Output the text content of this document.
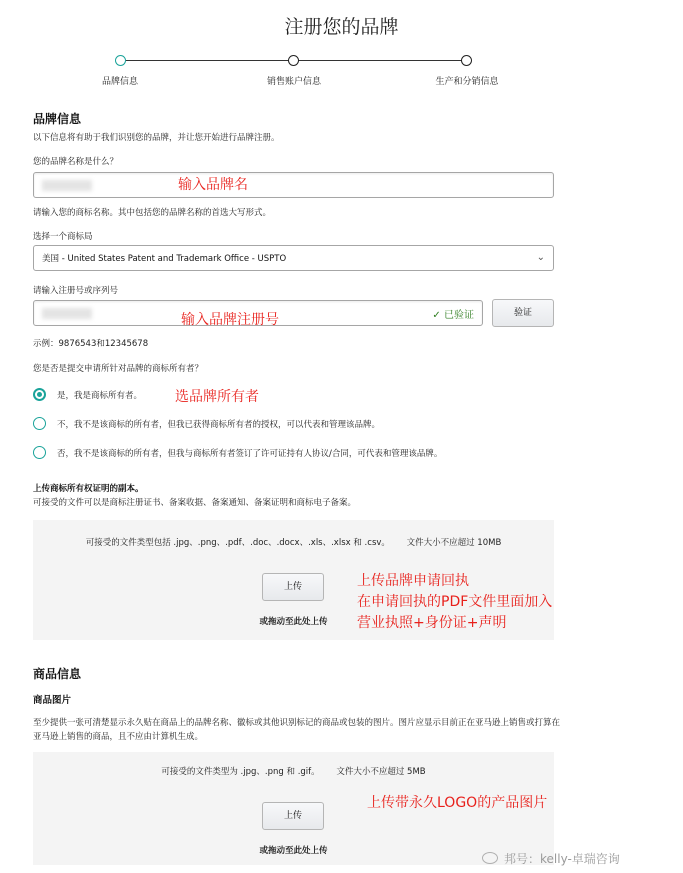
注册您的品牌
品牌信息	销售账户信息	生产和分销信息
品牌信息
以下信息将有助于我们识别您的品牌，并让您开始进行品牌注册。
您的品牌名称是什么？
输入品牌名
请输入您的商标名称。其中包括您的品牌名称的首选大写形式。
选择一个商标局
美国 - United States Patent and Trademark Office - USPTO	⌄
请输入注册号或序列号
✓ 已验证
输入品牌注册号	验证
示例：9876543和12345678
您是否是提交申请所针对品牌的商标所有者？
是，我是商标所有者。 选品牌所有者
不，我不是该商标的所有者，但我已获得商标所有者的授权，可以代表和管理该品牌。
否，我不是该商标的所有者，但我与商标所有者签订了许可证持有人协议/合同，可代表和管理该品牌。
上传商标所有权证明的副本。
可接受的文件可以是商标注册证书、备案收据、备案通知、备案证明和商标电子备案。
可接受的文件类型包括 .jpg、.png、.pdf、.doc、.docx、.xls、.xlsx 和 .csv。 文件大小不应超过 10MB
上传
或拖动至此处上传
上传品牌申请回执
在申请回执的PDF文件里面加入
营业执照+身份证+声明
商品信息
商品图片
至少提供一张可清楚显示永久贴在商品上的品牌名称、徽标或其他识别标记的商品或包装的图片。图片应显示目前正在亚马逊上销售或打算在亚马逊上销售的商品，且不应由计算机生成。
可接受的文件类型为 .jpg、.png 和 .gif。 文件大小不应超过 5MB
上传
或拖动至此处上传
上传带永久LOGO的产品图片
邦号：kelly-卓瑞咨询
